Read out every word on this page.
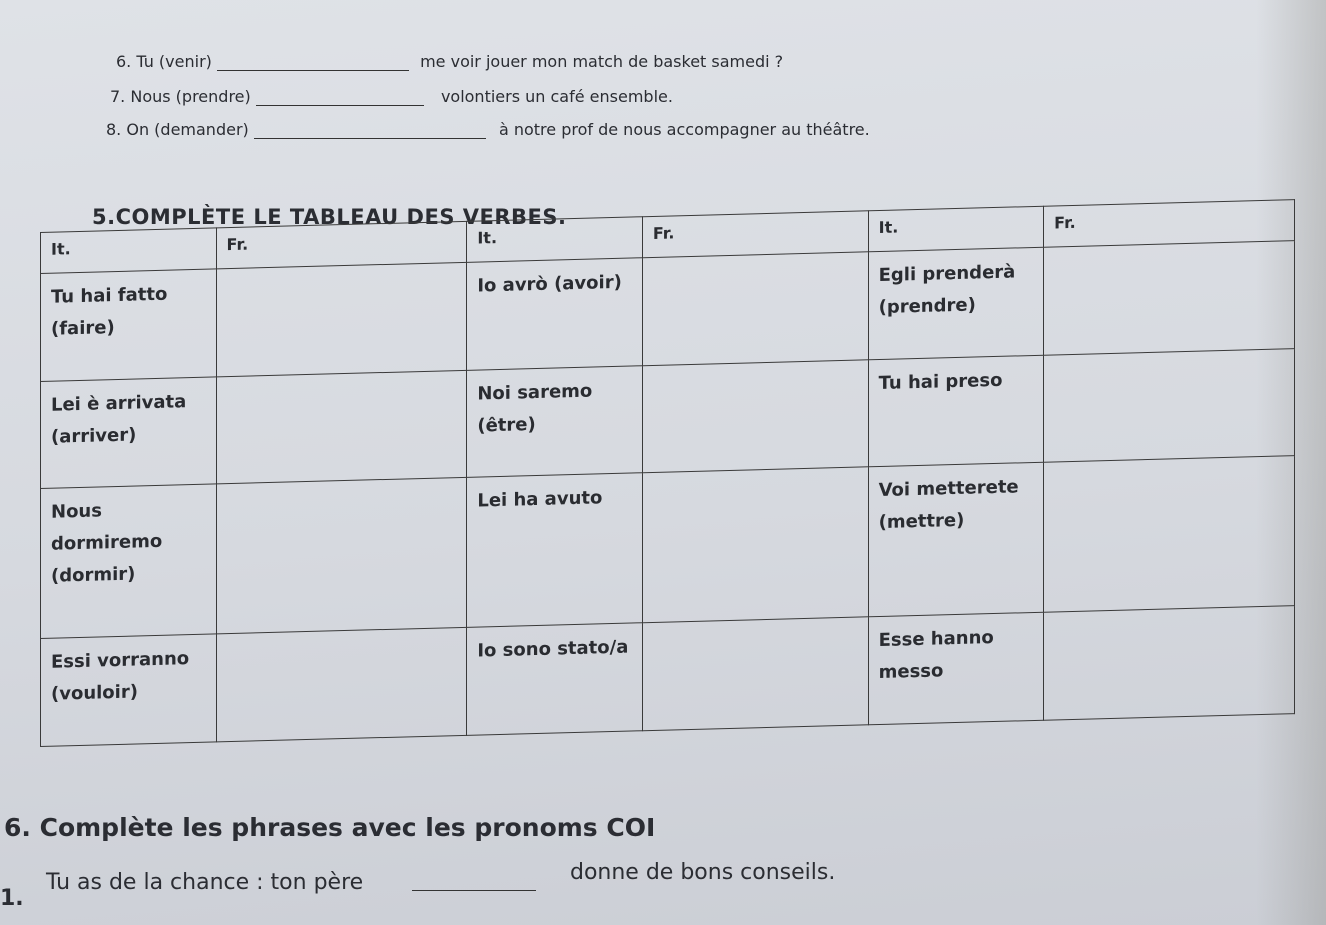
6. Tu (venir)	me voir jouer mon match de basket samedi ?
7. Nous (prendre)	volontiers un café ensemble.
8. On (demander)	à notre prof de nous accompagner au théâtre.
5.COMPLÈTE LE TABLEAU DES VERBES.
It.	Fr.	It.	Fr.	It.	Fr.
Tu hai fatto (faire)		Io avrò (avoir)		Egli prenderà (prendre)	
Lei è arrivata (arriver)		Noi saremo (être)		Tu hai preso	
Nous dormiremo (dormir)		Lei ha avuto		Voi metterete (mettre)	
Essi vorranno (vouloir)		Io sono stato/a		Esse hanno messo	
6. Complète les phrases avec les pronoms COI
1.
Tu as de la chance : ton père	donne de bons conseils.
